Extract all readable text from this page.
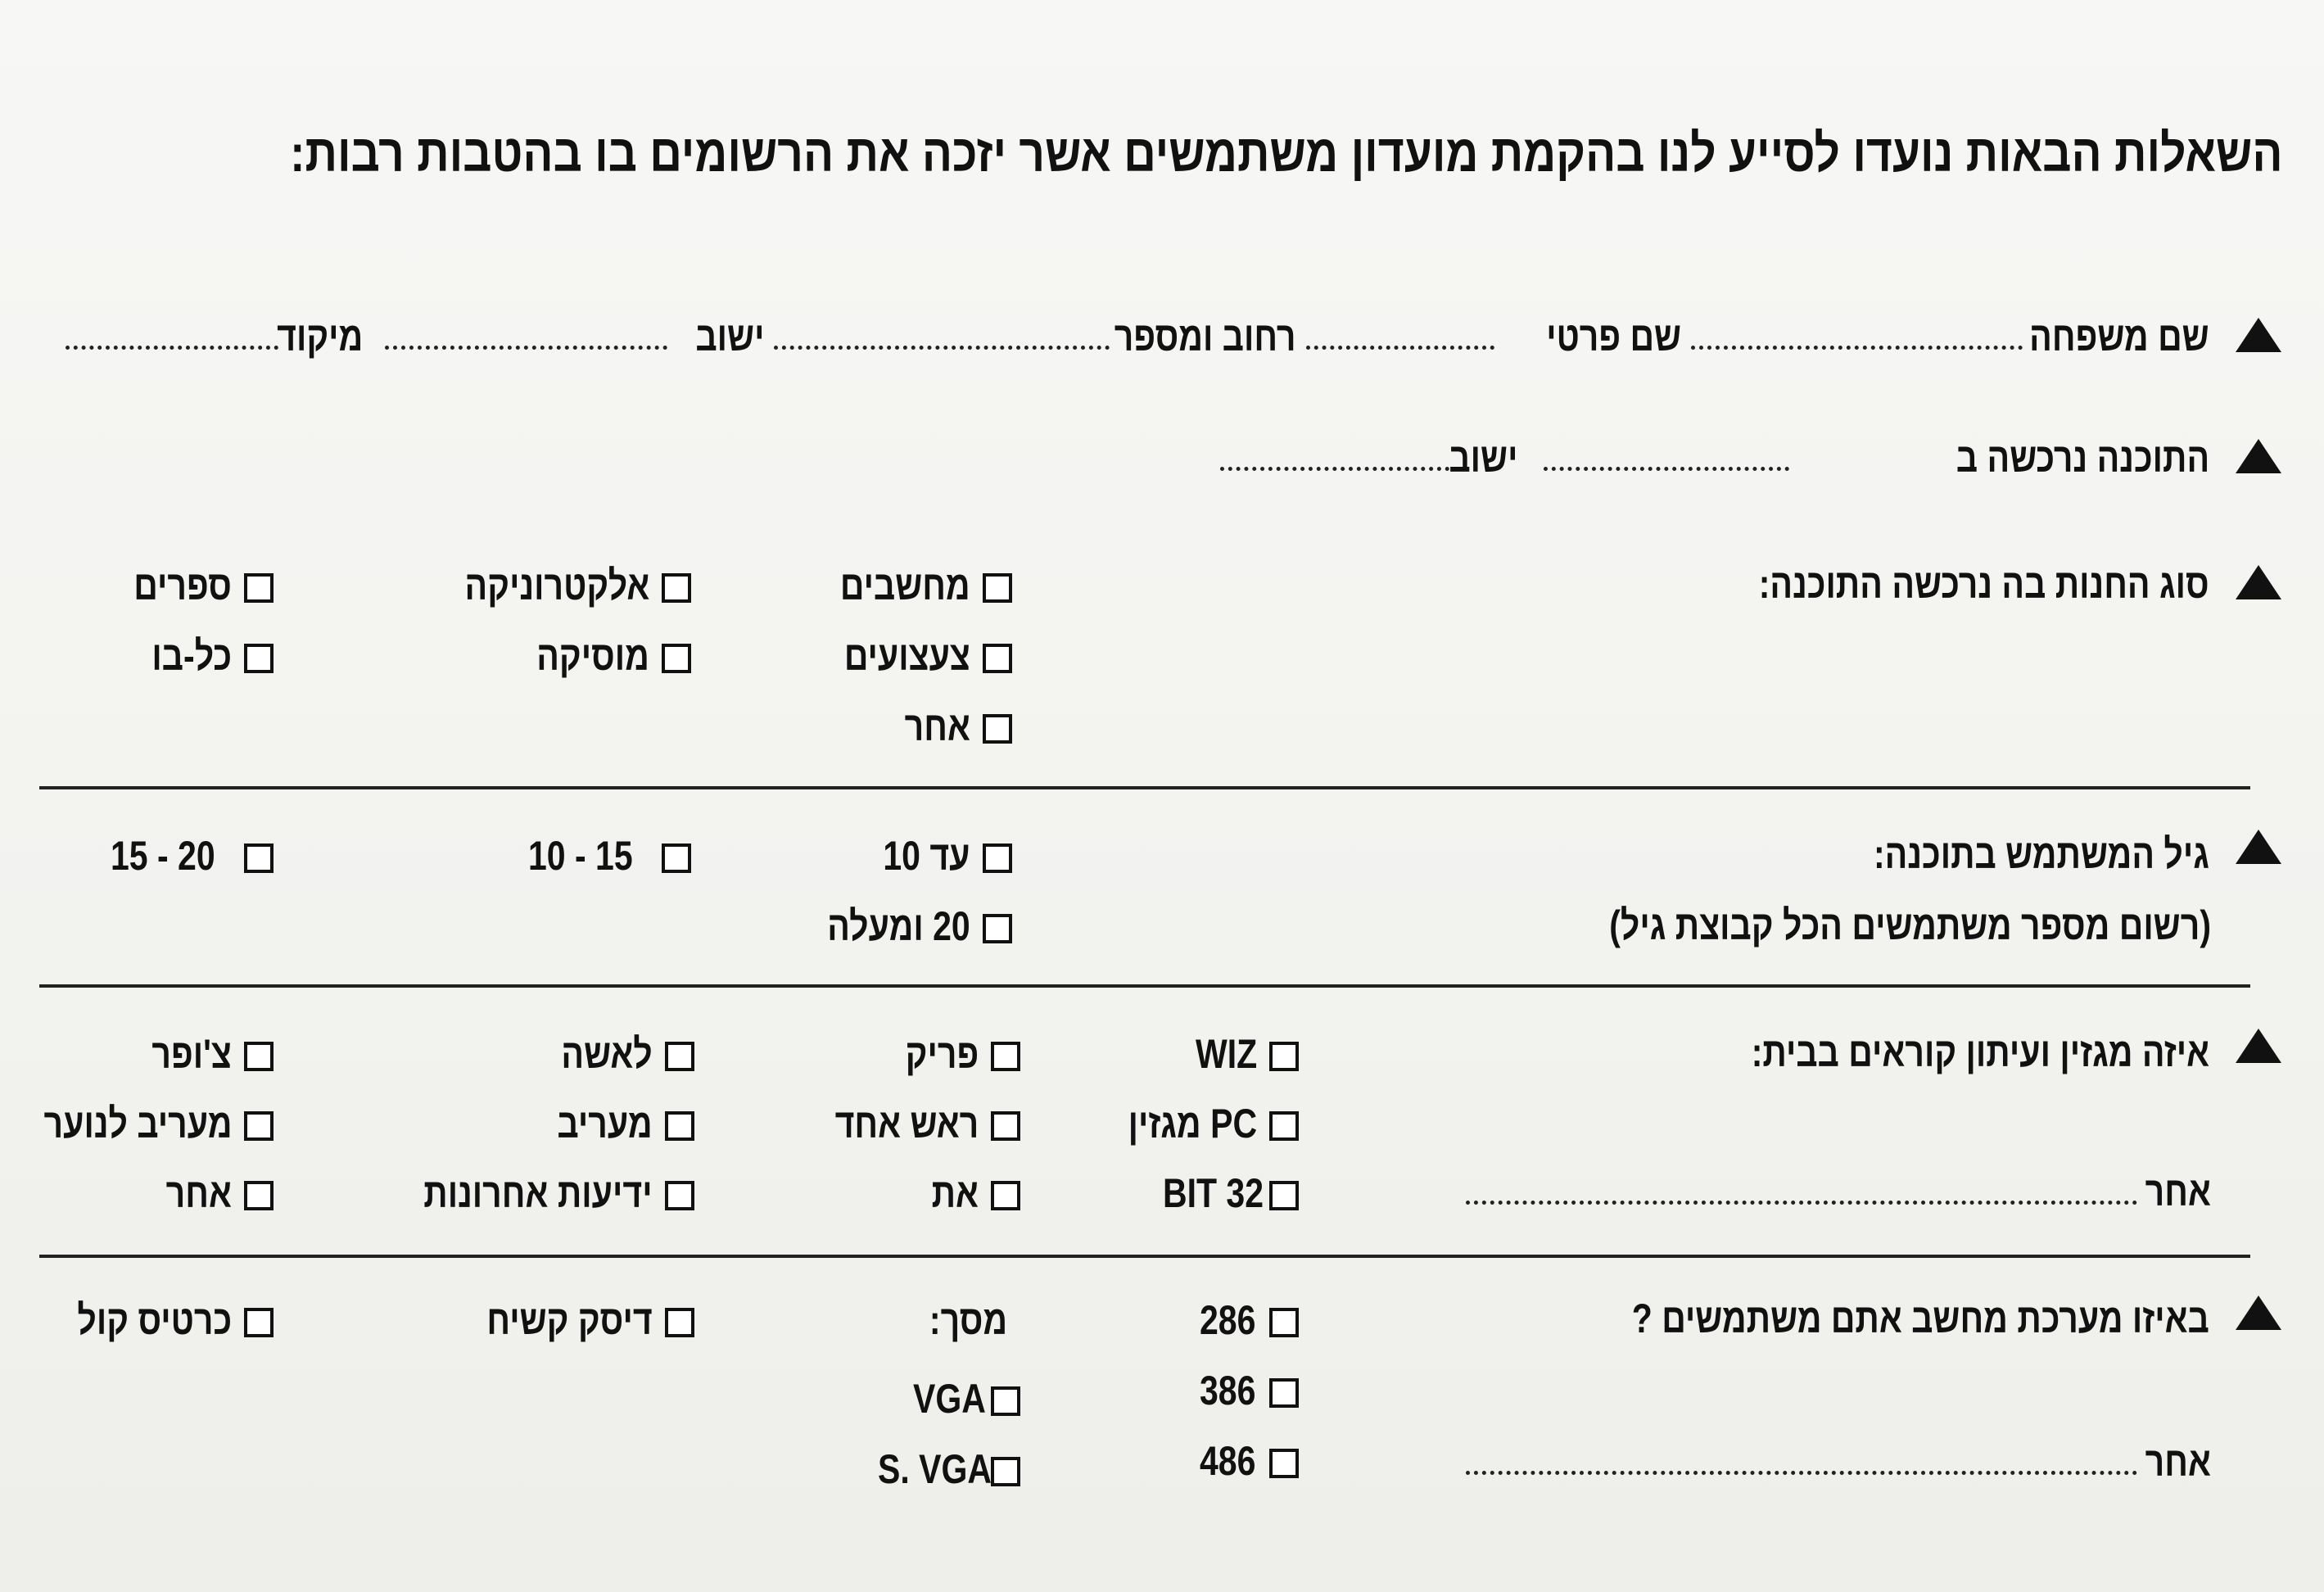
השאלות הבאות נועדו לסייע לנו בהקמת מועדון משתמשים אשר יזכה את הרשומים בו בהטבות רבות:
שם משפחה
שם פרטי
רחוב ומספר
ישוב
מיקוד
התוכנה נרכשה ב
ישוב
סוג החנות בה נרכשה התוכנה:
מחשבים
אלקטרוניקה
ספרים
צעצועים
מוסיקה
כל-בו
אחר
גיל המשתמש בתוכנה:
(רשום מספר משתמשים הכל קבוצת גיל)
עד 10
10 - 15
15 - 20
20 ומעלה
איזה מגזין ועיתון קוראים בבית:
אחר
WIZ
פריק
לאשה
צ'ופר
PC מגזין
ראש אחד
מעריב
מעריב לנוער
BIT 32
את
ידיעות אחרונות
אחר
באיזו מערכת מחשב אתם משתמשים ?
אחר
286
386
486
מסך:
VGA
S. VGA
דיסק קשיח
כרטיס קול
